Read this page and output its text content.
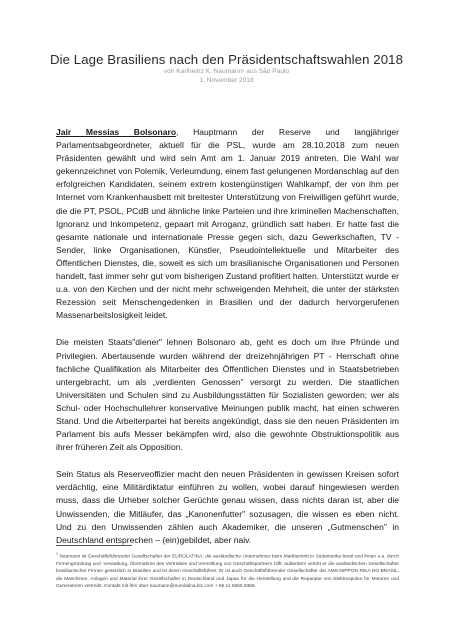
Die Lage Brasiliens nach den Präsidentschaftswahlen 2018
von Karlheinz K. Naumann¹ aus São Paulo
1. November 2018

Jaír Messias Bolsonaro, Hauptmann der Reserve und langjähriger Parlamentsabgeordneter, aktuell für die PSL, wurde am 28.10.2018 zum neuen Präsidenten gewählt und wird sein Amt am 1. Januar 2019 antreten. Die Wahl war gekennzeichnet von Polemik, Verleumdung, einem fast gelungenen Mordanschlag auf den erfolgreichen Kandidaten, seinem extrem kostengünstigen Wahlkampf, der von ihm per Internet vom Krankenhausbett mit breitester Unterstützung von Freiwilligen geführt wurde, die die PT, PSOL, PCdB und ähnliche linke Parteien und ihre kriminellen Machenschaften, Ignoranz und Inkompetenz, gepaart mit Arroganz, gründlich satt haben. Er hatte fast die gesamte nationale und internationale Presse gegen sich, dazu Gewerkschaften, TV - Sender, linke Organisationen, Künstler, Pseudointellektuelle und Mitarbeiter des Öffentlichen Dienstes, die, soweit es sich um brasilianische Organisationen und Personen handelt, fast immer sehr gut vom bisherigen Zustand profitiert hatten. Unterstützt wurde er u.a. von den Kirchen und der nicht mehr schweigenden Mehrheit, die unter der stärksten Rezession seit Menschengedenken in Brasilien und der dadurch hervorgerufenen Massenarbeitslosigkeit leidet.

Die meisten Staats"diener" lehnen Bolsonaro ab, geht es doch um ihre Pfründe und Privilegien. Abertausende wurden während der dreizehnjährigen PT - Herrschaft ohne fachliche Qualifikation als Mitarbeiter des Öffentlichen Dienstes und in Staatsbetrieben untergebracht, um als „verdienten Genossen" versorgt zu werden. Die staatlichen Universitäten und Schulen sind zu Ausbildungsstätten für Sozialisten geworden; wer als Schul- oder Hochschullehrer konservative Meinungen publik macht, hat einen schweren Stand. Und die Arbeiterpartei hat bereits angekündigt, dass sie den neuen Präsidenten im Parlament bis aufs Messer bekämpfen wird, also die gewohnte Obstruktionspolitik aus ihrer früheren Zeit als Opposition.

Sein Status als Reserveoffizier macht den neuen Präsidenten in gewissen Kreisen sofort verdächtig, eine Militärdiktatur einführen zu wollen, wobei darauf hingewiesen werden muss, dass die Urheber solcher Gerüchte genau wissen, dass nichts daran ist, aber die Unwissenden, die Mitläufer, das „Kanonenfutter" sozusagen, die wissen es eben nicht. Und zu den Unwissenden zählen auch Akademiker, die unseren „Gutmenschen" in Deutschland entsprechen – (ein)gebildet, aber naiv.

$^1$ Naumann ist Geschäftsführender Gesellschafter der EUROLATINA, die ausländische Unternehmer beim Markteintritt in Südamerika berät und ihnen u.a. durch Firmengründung und -verwaltung, Übernahme des Vertriebes und Vermittlung von Geschäftspartnern hilft; außerdem vertritt er die ausländischen Gesellschafter brasilianischer Firmen gesetzlich in Brasilien und ist deren Geschäftsführer. Er ist auch Geschäftsführender Gesellschafter der AMS-NIPPON RIKA DO BRASIL, die Maschinen, Anlagen und Material ihrer Gesellschafter in Deutschland und Japan für die Herstellung und die Reparatur von Elektrospulen für Motoren und Generatoren vertreibt. Kontakt mit ihm über naumann@eurolatina.biz.com + 55 11 5666 8366.
